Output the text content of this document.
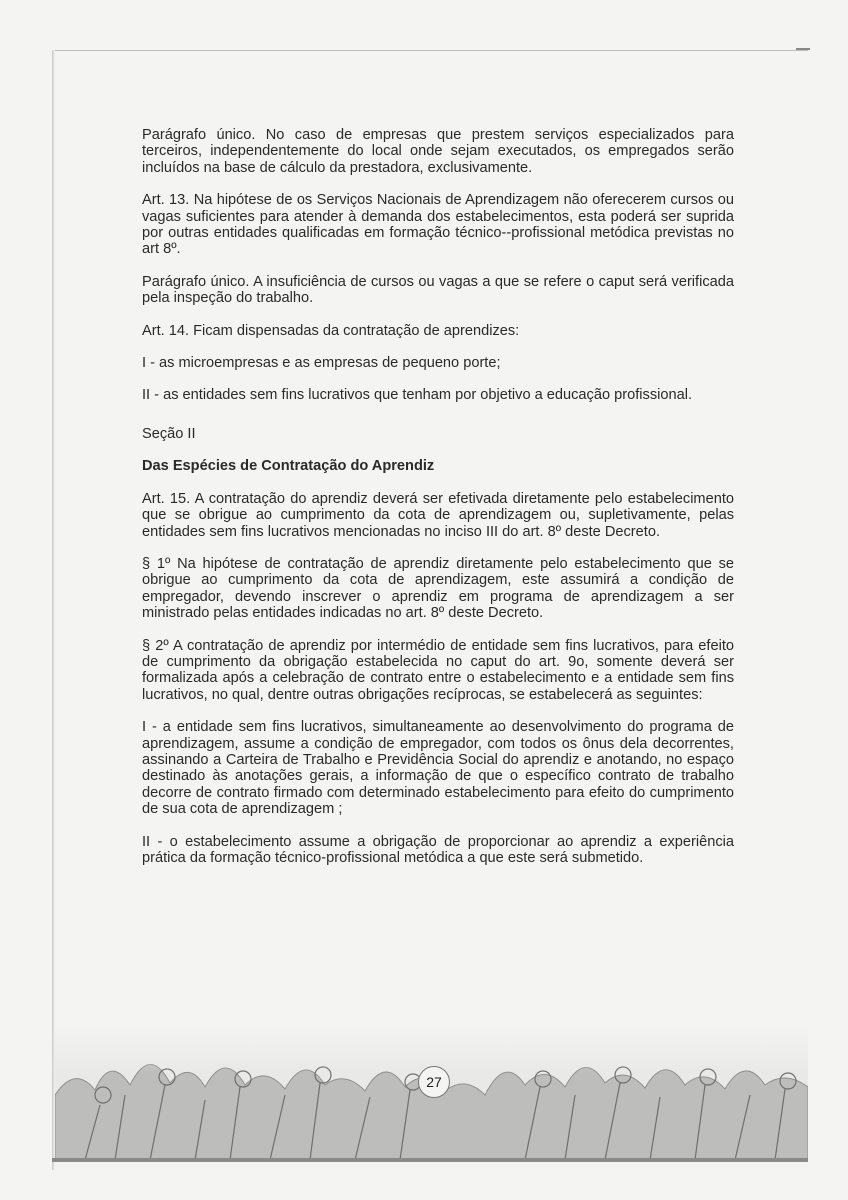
Parágrafo único. No caso de empresas que prestem serviços especializados para terceiros, independentemente do local onde sejam executados, os empregados serão incluídos na base de cálculo da prestadora, exclusivamente.

Art. 13. Na hipótese de os Serviços Nacionais de Aprendizagem não oferecerem cursos ou vagas suficientes para atender à demanda dos estabelecimentos, esta poderá ser suprida por outras entidades qualificadas em formação técnico--profissional metódica previstas no art 8º.

Parágrafo único. A insuficiência de cursos ou vagas a que se refere o caput será verificada pela inspeção do trabalho.

Art. 14. Ficam dispensadas da contratação de aprendizes:

I - as microempresas e as empresas de pequeno porte;

II - as entidades sem fins lucrativos que tenham por objetivo a educação profissional.

Seção II

Das Espécies de Contratação do Aprendiz

Art. 15. A contratação do aprendiz deverá ser efetivada diretamente pelo estabelecimento que se obrigue ao cumprimento da cota de aprendizagem ou, supletivamente, pelas entidades sem fins lucrativos mencionadas no inciso III do art. 8º deste Decreto.

§ 1º Na hipótese de contratação de aprendiz diretamente pelo estabelecimento que se obrigue ao cumprimento da cota de aprendizagem, este assumirá a condição de empregador, devendo inscrever o aprendiz em programa de aprendizagem a ser ministrado pelas entidades indicadas no art. 8º deste Decreto.

§ 2º A contratação de aprendiz por intermédio de entidade sem fins lucrativos, para efeito de cumprimento da obrigação estabelecida no caput do art. 9o, somente deverá ser formalizada após a celebração de contrato entre o estabelecimento e a entidade sem fins lucrativos, no qual, dentre outras obrigações recíprocas, se estabelecerá as seguintes:

I - a entidade sem fins lucrativos, simultaneamente ao desenvolvimento do programa de aprendizagem, assume a condição de empregador, com todos os ônus dela decorrentes, assinando a Carteira de Trabalho e Previdência Social do aprendiz e anotando, no espaço destinado às anotações gerais, a informação de que o específico contrato de trabalho decorre de contrato firmado com determinado estabelecimento para efeito do cumprimento de sua cota de aprendizagem ;

II - o estabelecimento assume a obrigação de proporcionar ao aprendiz a experiência prática da formação técnico-profissional metódica a que este será submetido.

27
